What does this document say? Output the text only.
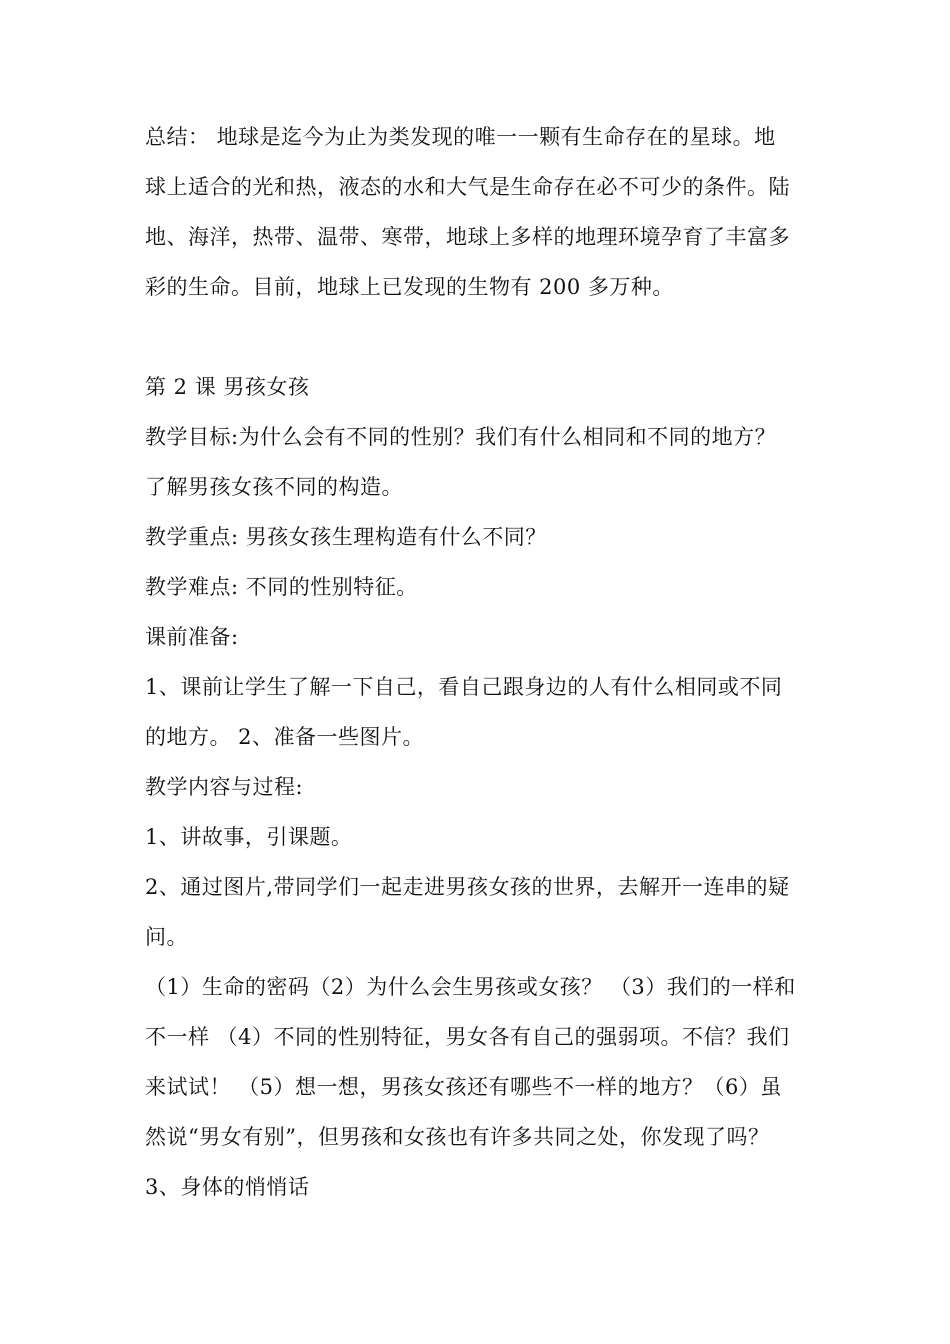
总结： 地球是迄今为止为类发现的唯一一颗有生命存在的星球。地
球上适合的光和热，液态的水和大气是生命存在必不可少的条件。陆
地、海洋，热带、温带、寒带，地球上多样的地理环境孕育了丰富多
彩的生命。目前，地球上已发现的生物有 200 多万种。
第 2 课 男孩女孩
教学目标:为什么会有不同的性别？我们有什么相同和不同的地方？
了解男孩女孩不同的构造。
教学重点: 男孩女孩生理构造有什么不同？
教学难点: 不同的性别特征。
课前准备:
1、课前让学生了解一下自己，看自己跟身边的人有什么相同或不同
的地方。 2、准备一些图片。
教学内容与过程:
1、讲故事，引课题。
2、通过图片,带同学们一起走进男孩女孩的世界，去解开一连串的疑
问。
（1）生命的密码（2）为什么会生男孩或女孩？ （3）我们的一样和
不一样 （4）不同的性别特征，男女各有自己的强弱项。不信？我们
来试试！ （5）想一想，男孩女孩还有哪些不一样的地方？（6）虽
然说“男女有别”，但男孩和女孩也有许多共同之处，你发现了吗？
3、身体的悄悄话
